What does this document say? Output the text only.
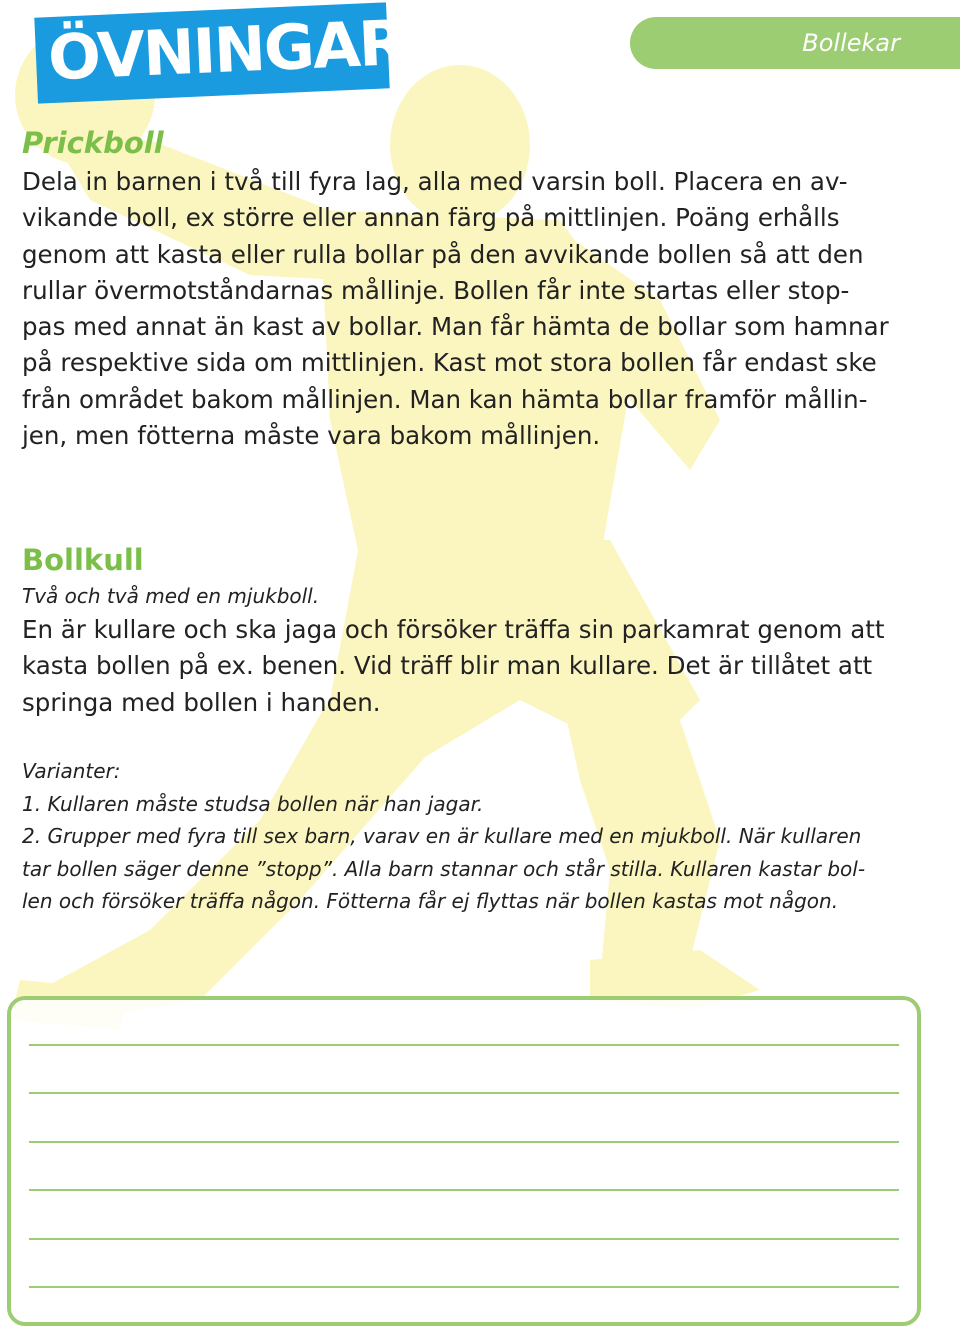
ÖVNINGAR	Bollekar
Prickboll
Dela in barnen i två till fyra lag, alla med varsin boll. Placera en av-
vikande boll, ex större eller annan färg på mittlinjen. Poäng erhålls
genom att kasta eller rulla bollar på den avvikande bollen så att den
rullar övermotståndarnas mållinje. Bollen får inte startas eller stop-
pas med annat än kast av bollar. Man får hämta de bollar som hamnar
på respektive sida om mittlinjen. Kast mot stora bollen får endast ske
från området bakom mållinjen. Man kan hämta bollar framför mållin-
jen, men fötterna måste vara bakom mållinjen.
Bollkull
Två och två med en mjukboll.
En är kullare och ska jaga och försöker träffa sin parkamrat genom att
kasta bollen på ex. benen. Vid träff blir man kullare. Det är tillåtet att
springa med bollen i handen.
Varianter:
1. Kullaren måste studsa bollen när han jagar.
2. Grupper med fyra till sex barn, varav en är kullare med en mjukboll. När kullaren
tar bollen säger denne ”stopp”. Alla barn stannar och står stilla. Kullaren kastar bol-
len och försöker träffa någon. Fötterna får ej flyttas när bollen kastas mot någon.
